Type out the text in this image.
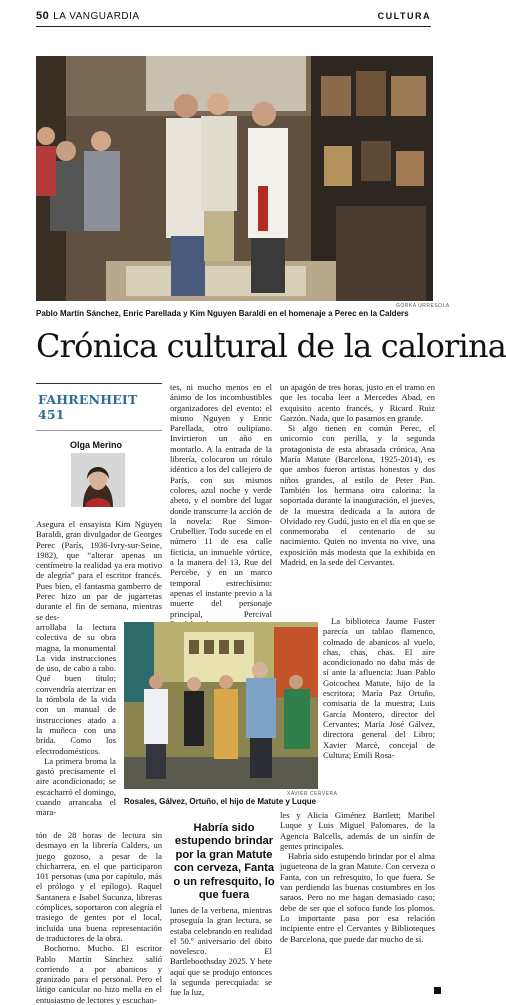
50 LA VANGUARDIA	CULTURA
GORKA URRESOLA
Pablo Martín Sánchez, Enric Parellada y Kim Nguyen Baraldi en el homenaje a Perec en la Calders
Crónica cultural de la calorina
FAHRENHEIT 451
Olga Merino

Asegura el ensayista Kim Nguyen Baraldi, gran divulgador de Georges Perec (París, 1936-Ivry-sur-Seine, 1982), que “alterar apenas un centímetro la realidad ya era motivo de alegría” para el escritor francés. Pues bien, el fantasma gamberro de Perec hizo un par de jugarretas durante el fin de semana, mientras se des-

arrollaba la lectura colectiva de su obra magna, la monumental La vida instrucciones de uso, de cabo a rabo. Qué buen título; convendría aterrizar en la tómbola de la vida con un manual de instrucciones atado a la muñeca con una brida. Como los electrodomésticos.

La primera broma la gastó precisamente el aire acondicionado; se escacharró el domingo, cuando arrancaba el mara-

tón de 28 horas de lectura sin desmayo en la librería Calders, un juego gozoso, a pesar de la chicharrera, en el que participaron 101 personas (una por capítulo, más el prólogo y el epílogo). Raquel Santanera e Isabel Sucunza, libreras cómplices, soportaron con alegría el trasiego de gentes por el local, incluida una buena representación de traductores de la obra.

Bochorno. Mucho. El escritor Pablo Martín Sánchez salió corriendo a por abanicos y granizado para el personal. Pero el látigo canicular no hizo mella en el entusiasmo de lectores y escuchan-

tes, ni mucho menos en el ánimo de los incombustibles organizadores del evento: el mismo Nguyen y Enric Parellada, otro oulipiano. Invirtieron un año en montarlo. A la entrada de la librería, colocaron un rótulo idéntico a los del callejero de París, con sus mismos colores, azul noche y verde abeto, y el nombre del lugar donde transcurre la acción de la novela: Rue Simon-Crubellier. Todo sucede en el número 11 de esa calle ficticia, un inmueble vórtice, a la manera del 13, Rue del Percebe, y en un marco temporal estrechísimo: apenas el instante previo a la muerte del personaje principal, Percival

lunes de la verbena, mientras proseguía la gran lectura, se estaba celebrando en realidad el 50.º aniversario del óbito novelesco. El Bartleboothsday 2025. Y hete aquí que se produjo entonces la segunda perecquiada: se fue la luz,

un apagón de tres horas, justo en el tramo en que les tocaba leer a Mercedes Abad, en exquisito acento francés, y Ricard Ruiz Garzón. Nada, que lo pasamos en grande.

Si algo tienen en común Perec, el unicornio con perilla, y la segunda protagonista de esta abrasada crónica, Ana María Matute (Barcelona, 1925-2014), es que ambos fueron artistas honestos y dos niños grandes, al estilo de Peter Pan. También los hermana otra calorina: la soportada durante la inauguración, el jueves, de la muestra dedicada a la autora de Olvidado rey Gudú, justo en el día en que se conmemoraba el centenario de su nacimiento. Quien no inventa no vive, una exposición más modesta que la exhibida en Madrid, en la sede del Cervantes.

La biblioteca Jaume Fuster parecía un tablao flamenco, colmado de abanicos al vuelo, chas, chas, chas. El aire acondicionado no daba más de sí ante la afluencia: Juan Pablo Goicochea Matute, hijo de la escritora; María Paz Ortuño, comisaria de la muestra; Luis García Montero, director del Cervantes; María José Gálvez, directora general del Libro; Xavier Marcè, concejal de Cultura; Emili Rosa-

les y Alicia Giménez Bartlett; Maribel Luque y Luis Miguel Palomares, de la Agencia Balcells, además de un sinfín de gentes principales.

Habría sido estupendo brindar por el alma jugueteona de la gran Matute. Con cerveza o Fanta, con un refresquito, lo que fuera. Se van perdiendo las buenas costumbres en los saraos. Pero no me hagan demasiado caso; debe de ser que el sofoco funde los plomos. Lo importante pasa por esa relación incipiente entre el Cervantes y Biblioteques de Barcelona, que puede dar mucho de sí.

XAVIER CERVERA
Rosales, Gálvez, Ortuño, el hijo de Matute y Luque
Habría sido estupendo brindar por la gran Matute con cerveza, Fanta o un refresquito, lo que fuera
